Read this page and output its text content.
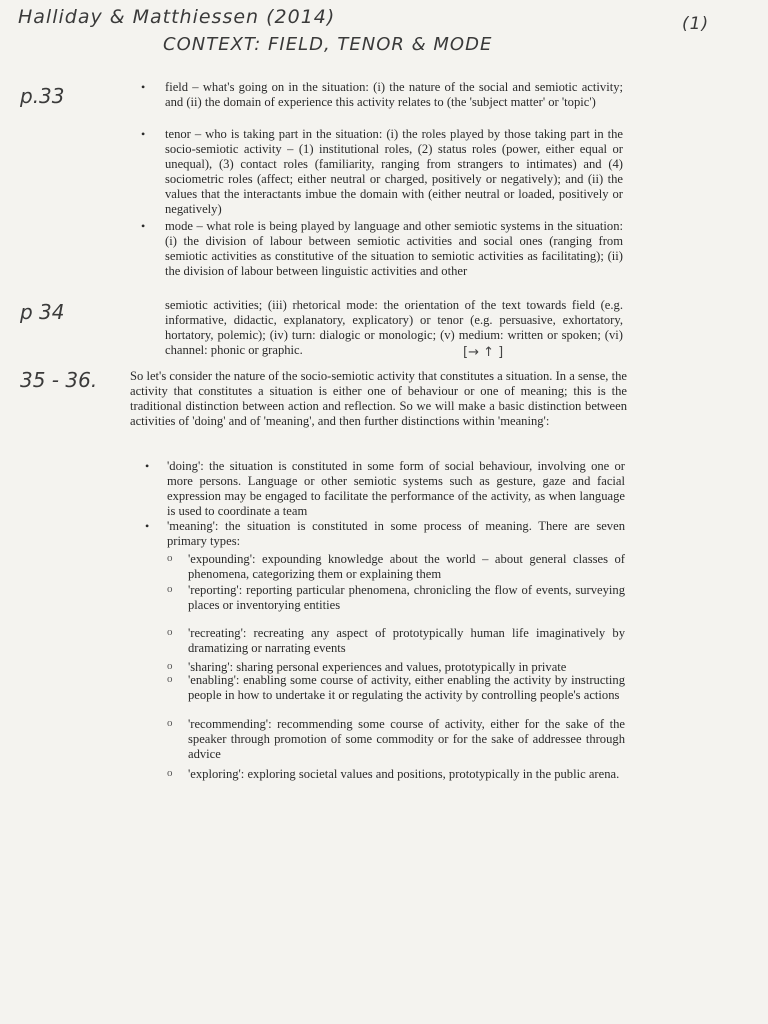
Halliday & Matthiessen (2014)
CONTEXT: FIELD, TENOR & MODE
(1)
p.33
p 34
35 - 36.
• field – what's going on in the situation: (i) the nature of the social and semiotic activity; and (ii) the domain of experience this activity relates to (the 'subject matter' or 'topic')
• tenor – who is taking part in the situation: (i) the roles played by those taking part in the socio-semiotic activity – (1) institutional roles, (2) status roles (power, either equal or unequal), (3) contact roles (familiarity, ranging from strangers to intimates) and (4) sociometric roles (affect; either neutral or charged, positively or negatively); and (ii) the values that the interactants imbue the domain with (either neutral or loaded, positively or negatively)
• mode – what role is being played by language and other semiotic systems in the situation: (i) the division of labour between semiotic activities and social ones (ranging from semiotic activities as constitutive of the situation to semiotic activities as facilitating); (ii) the division of labour between linguistic activities and other
semiotic activities; (iii) rhetorical mode: the orientation of the text towards field (e.g. informative, didactic, explanatory, explicatory) or tenor (e.g. persuasive, exhortatory, hortatory, polemic); (iv) turn: dialogic or monologic; (v) medium: written or spoken; (vi) channel: phonic or graphic.	[→ ↑ ]
So let's consider the nature of the socio-semiotic activity that constitutes a situation. In a sense, the activity that constitutes a situation is either one of behaviour or one of meaning; this is the traditional distinction between action and reflection. So we will make a basic distinction between activities of 'doing' and of 'meaning', and then further distinctions within 'meaning':
• 'doing': the situation is constituted in some form of social behaviour, involving one or more persons. Language or other semiotic systems such as gesture, gaze and facial expression may be engaged to facilitate the performance of the activity, as when language is used to coordinate a team
• 'meaning': the situation is constituted in some process of meaning. There are seven primary types:
o 'expounding': expounding knowledge about the world – about general classes of phenomena, categorizing them or explaining them
o 'reporting': reporting particular phenomena, chronicling the flow of events, surveying places or inventorying entities
o 'recreating': recreating any aspect of prototypically human life imaginatively by dramatizing or narrating events
o 'sharing': sharing personal experiences and values, prototypically in private
o 'enabling': enabling some course of activity, either enabling the activity by instructing people in how to undertake it or regulating the activity by controlling people's actions
o 'recommending': recommending some course of activity, either for the sake of the speaker through promotion of some commodity or for the sake of addressee through advice
o 'exploring': exploring societal values and positions, prototypically in the public arena.
